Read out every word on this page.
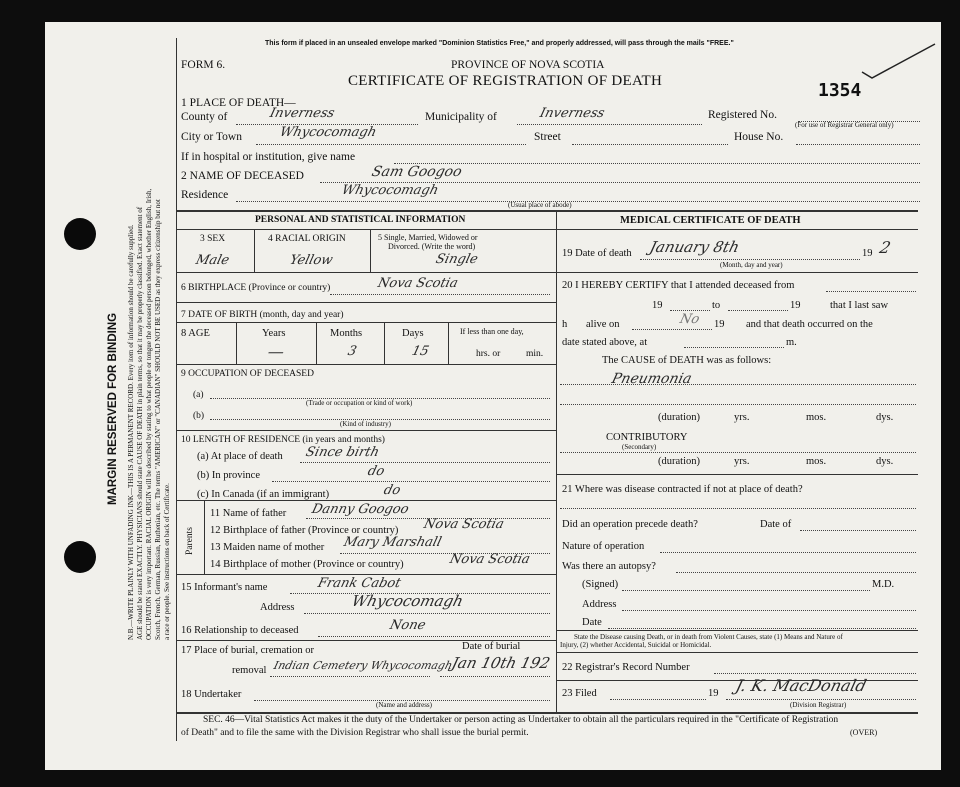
MARGIN RESERVED FOR BINDING N.B.—WRITE PLAINLY WITH UNFADING INK—THIS IS A PERMANENT RECORD. Every item of information should be carefully supplied. AGE should be stated EXACTLY. PHYSICIANS should state CAUSE OF DEATH in plain terms, so that it may be properly classified. Exact statement of OCCUPATION is very important. RACIAL ORIGIN will be described by stating to what people or tongue the deceased person belonged, whether English, Irish, Scotch, French, German, Russian, Ruthenian, etc. The terms "AMERICAN" or "CANADIAN" SHOULD NOT BE USED as they express citizenship but not a race or people. See instructions on back of Certificate.
This form if placed in an unsealed envelope marked "Dominion Statistics Free," and properly addressed, will pass through the mails "FREE."
FORM 6.	PROVINCE OF NOVA SCOTIA
CERTIFICATE OF REGISTRATION OF DEATH	1354
1 PLACE OF DEATH—
County of	Inverness	Municipality of	Inverness	Registered No.
(For use of Registrar General only)
City or Town	Whycocomagh	Street	House No.
If in hospital or institution, give name
2 NAME OF DECEASED	Sam Googoo
Residence	Whycocomagh
(Usual place of abode)
PERSONAL AND STATISTICAL INFORMATION	MEDICAL CERTIFICATE OF DEATH
3 SEX
Male
4 RACIAL ORIGIN
Yellow
5 Single, Married, Widowed or
Divorced. (Write the word)
Single
6 BIRTHPLACE (Province or country)	Nova Scotia
7 DATE OF BIRTH (month, day and year)
8 AGE	Years	Months	Days
—	3	15
If less than one day,
hrs. or	min.
9 OCCUPATION OF DECEASED
(a)
(Trade or occupation or kind of work)
(b)
(Kind of industry)
10 LENGTH OF RESIDENCE (in years and months)
(a) At place of death Since birth
(b) In province	do
(c) In Canada (if an immigrant)	do
Parents
11 Name of father Danny Googoo
12 Birthplace of father (Province or country) Nova Scotia
13 Maiden name of mother Mary Marshall
14 Birthplace of mother (Province or country)	Nova Scotia
15 Informant's name	Frank Cabot
Address	Whycocomagh
16 Relationship to deceased	None
17 Place of burial, cremation or	Date of burial
removal Indian Cemetery Whycocomagh
Jan 10th 192
18 Undertaker
(Name and address)
19 Date of death January 8th
(Month, day and year)
19 2
20 I HEREBY CERTIFY that I attended deceased from
19	to	19	that I last saw
h alive on	No 19 and that death occurred on the
date stated above, at	m.
The CAUSE of DEATH was as follows:
Pneumonia
(duration)	yrs.	mos.	dys.
CONTRIBUTORY
(Secondary)
(duration)	yrs.	mos.	dys.
21 Where was disease contracted if not at place of death?
Did an operation precede death?	Date of
Nature of operation
Was there an autopsy?
(Signed)	M.D.
Address
Date
State the Disease causing Death, or in death from Violent Causes, state (1) Means and Nature of
Injury, (2) whether Accidental, Suicidal or Homicidal.
22 Registrar's Record Number
23 Filed	19 J. K. MacDonald
(Division Registrar)
SEC. 46—Vital Statistics Act makes it the duty of the Undertaker or person acting as Undertaker to obtain all the particulars required in the "Certificate of Registration
of Death" and to file the same with the Division Registrar who shall issue the burial permit.	(OVER)
